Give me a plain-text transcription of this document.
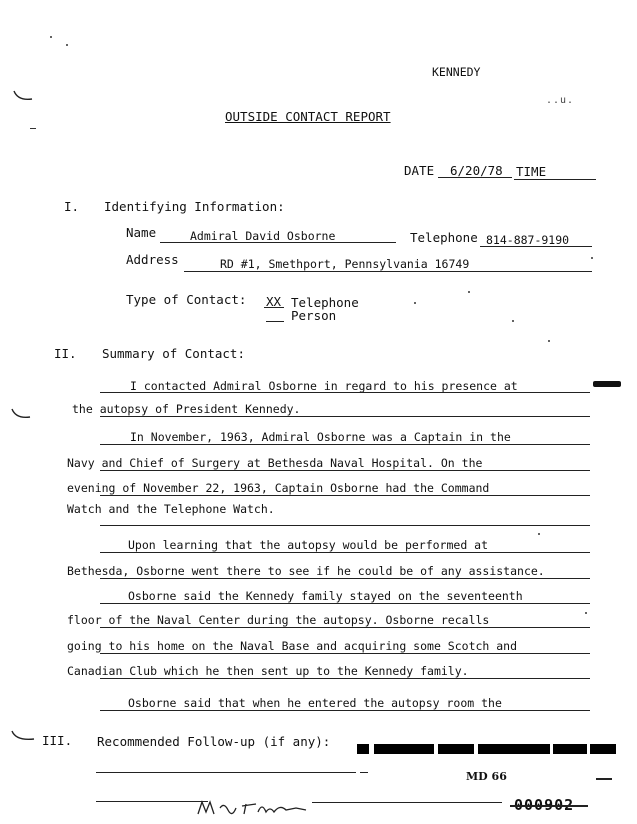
KENNEDY
..​u​.
OUTSIDE CONTACT REPORT
DATE 6/20/78 TIME
I. Identifying Information:
Name	Admiral David Osborne	Telephone 814-887-9190
Address	RD #1, Smethport, Pennsylvania 16749
Type of Contact: XX Telephone
Person
II. Summary of Contact:
I contacted Admiral Osborne in regard to his presence at
the autopsy of President Kennedy.
In November, 1963, Admiral Osborne was a Captain in the
Navy and Chief of Surgery at Bethesda Naval Hospital. On the
evening of November 22, 1963, Captain Osborne had the Command
Watch and the Telephone Watch.
Upon learning that the autopsy would be performed at
Bethesda, Osborne went there to see if he could be of any assistance.
Osborne said the Kennedy family stayed on the seventeenth
floor of the Naval Center during the autopsy. Osborne recalls
going to his home on the Naval Base and acquiring some Scotch and
Canadian Club which he then sent up to the Kennedy family.
Osborne said that when he entered the autopsy room the
III. Recommended Follow-up (if any):
MD 66
000902
